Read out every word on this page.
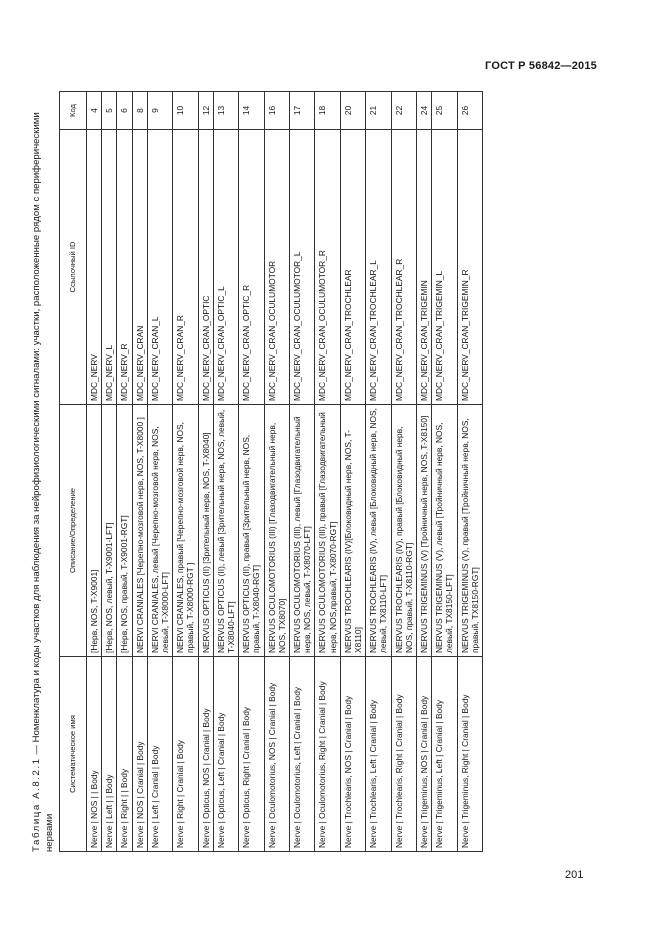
ГОСТ Р 56842—2015
Таблица А.8.2.1 — Номенклатура и коды участков для наблюдения за нейрофизиологическими сигналами: участки, расположенные рядом с периферическими нервами
Систематическое имя	Описание/Определение	Ссылочный ID	Код
Nerve | NOS | | Body	[Нерв, NOS, T-X9001]	MDC_NERV	4
Nerve | Left | | Body	[Нерв, NOS, левый, T-X9001-LFT]	MDC_NERV_L	5
Nerve | Right | | Body	[Нерв, NOS, правый, T-X9001-RGT]	MDC_NERV_R	6
Nerve | NOS | Cranial | Body	NERVI CRANIALES [Черепно-мозговой нерв, NOS, T-X8000 ]	MDC_NERV_CRAN	8
Nerve | Left | Cranial | Body	NERVI CRANIALES, левый [Черепно-мозговой нерв, NOS, левый, T-X8000-LFT]	MDC_NERV_CRAN_L	9
Nerve | Right | Cranial | Body	NERVI CRANIALES, правый [Черепно-мозговой нерв, NOS, правый, T-X8000-RGT ]	MDC_NERV_CRAN_R	10
Nerve | Opticus, NOS | Cranial | Body	NERVUS OPTICUS (II) [Зрительный нерв, NOS, T-X8040]	MDC_NERV_CRAN_OPTIC	12
Nerve | Opticus, Left | Cranial | Body	NERVUS OPTICUS (II), левый [Зрительный нерв, NOS, левый, T-X8040-LFT]	MDC_NERV_CRAN_OPTIC_L	13
Nerve | Opticus, Right | Cranial | Body	NERVUS OPTICUS (II), правый [Зрительный нерв, NOS, правый, T-X8040-RGT]	MDC_NERV_CRAN_OPTIC_R	14
Nerve | Oculomotorius, NOS | Cranial | Body	NERVUS OCULOMOTORIUS (III) [Глазодвигательный нерв, NOS, TX8070]	MDC_NERV_CRAN_OCULUMOTOR	16
Nerve | Oculomotorius, Left | Cranial | Body	NERVUS OCULOMOTORIUS (III), левый [Глазодвигательный нерв, NOS, левый, T-X8070-LFT]	MDC_NERV_CRAN_OCULUMOTOR_L	17
Nerve | Oculomotorius, Right | Cranial | Body	NERVUS OCULOMOTORIUS (III), правый [Глазодвигательный нерв, NOS,правый, T-X8070-RGT]	MDC_NERV_CRAN_OCULUMOTOR_R	18
Nerve | Trochlearis, NOS | Cranial | Body	NERVUS TROCHLEARIS (IV)[Блоковидный нерв, NOS, T-X8110]	MDC_NERV_CRAN_TROCHLEAR	20
Nerve | Trochlearis, Left | Cranial | Body	NERVUS TROCHLEARIS (IV), левый [Блоковидный нерв, NOS, левый, TX8110-LFT]	MDC_NERV_CRAN_TROCHLEAR_L	21
Nerve | Trochlearis, Right | Cranial | Body	NERVUS TROCHLEARIS (IV), правый [Блоковидный нерв, NOS, правый, T-X8110-RGT]	MDC_NERV_CRAN_TROCHLEAR_R	22
Nerve | Trigeminus, NOS | Cranial | Body	NERVUS TRIGEMINUS (V) [Тройничный нерв, NOS, T-X8150]	MDC_NERV_CRAN_TRIGEMIN	24
Nerve | Trigeminus, Left | Cranial | Body	NERVUS TRIGEMINUS (V), левый [Тройничный нерв, NOS, левый, TX8150-LFT]	MDC_NERV_CRAN_TRIGEMIN_L	25
Nerve | Trigeminus, Right | Cranial | Body	NERVUS TRIGEMINUS (V), правый [Тройничный нерв, NOS, правый, TX8150-RGT]	MDC_NERV_CRAN_TRIGEMIN_R	26
201
